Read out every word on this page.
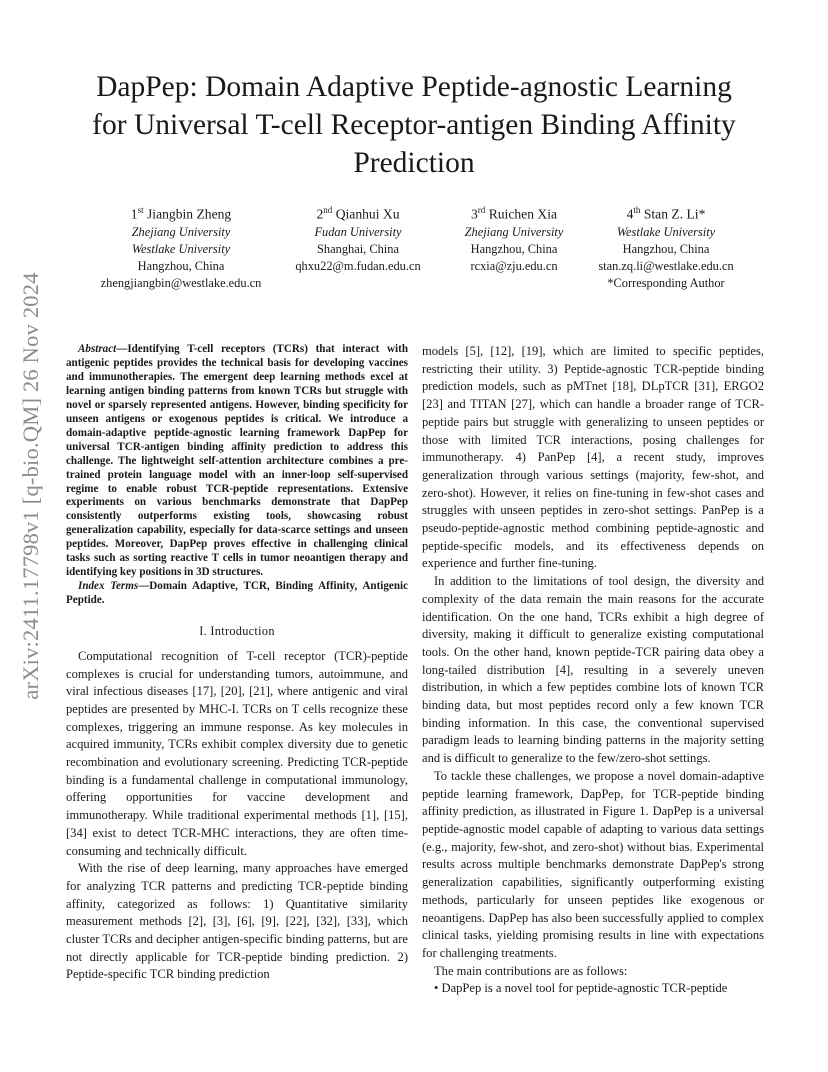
arXiv:2411.17798v1 [q-bio.QM] 26 Nov 2024
DapPep: Domain Adaptive Peptide-agnostic Learning for Universal T-cell Receptor-antigen Binding Affinity Prediction
1st Jiangbin Zheng
Zhejiang University
Westlake University
Hangzhou, China
zhengjiangbin@westlake.edu.cn
2nd Qianhui Xu
Fudan University
Shanghai, China
qhxu22@m.fudan.edu.cn
3rd Ruichen Xia
Zhejiang University
Hangzhou, China
rcxia@zju.edu.cn
4th Stan Z. Li*
Westlake University
Hangzhou, China
stan.zq.li@westlake.edu.cn
*Corresponding Author

Abstract—Identifying T-cell receptors (TCRs) that interact with antigenic peptides provides the technical basis for developing vaccines and immunotherapies. The emergent deep learning methods excel at learning antigen binding patterns from known TCRs but struggle with novel or sparsely represented antigens. However, binding specificity for unseen antigens or exogenous peptides is critical. We introduce a domain-adaptive peptide-agnostic learning framework DapPep for universal TCR-antigen binding affinity prediction to address this challenge. The lightweight self-attention architecture combines a pre-trained protein language model with an inner-loop self-supervised regime to enable robust TCR-peptide representations. Extensive experiments on various benchmarks demonstrate that DapPep consistently outperforms existing tools, showcasing robust generalization capability, especially for data-scarce settings and unseen peptides. Moreover, DapPep proves effective in challenging clinical tasks such as sorting reactive T cells in tumor neoantigen therapy and identifying key positions in 3D structures.

Index Terms—Domain Adaptive, TCR, Binding Affinity, Antigenic Peptide.

I. Introduction

Computational recognition of T-cell receptor (TCR)-peptide complexes is crucial for understanding tumors, autoimmune, and viral infectious diseases [17], [20], [21], where antigenic and viral peptides are presented by MHC-I. TCRs on T cells recognize these complexes, triggering an immune response. As key molecules in acquired immunity, TCRs exhibit complex diversity due to genetic recombination and evolutionary screening. Predicting TCR-peptide binding is a fundamental challenge in computational immunology, offering opportunities for vaccine development and immunotherapy. While traditional experimental methods [1], [15], [34] exist to detect TCR-MHC interactions, they are often time-consuming and technically difficult.

With the rise of deep learning, many approaches have emerged for analyzing TCR patterns and predicting TCR-peptide binding affinity, categorized as follows: 1) Quantitative similarity measurement methods [2], [3], [6], [9], [22], [32], [33], which cluster TCRs and decipher antigen-specific binding patterns, but are not directly applicable for TCR-peptide binding prediction. 2) Peptide-specific TCR binding prediction

models [5], [12], [19], which are limited to specific peptides, restricting their utility. 3) Peptide-agnostic TCR-peptide binding prediction models, such as pMTnet [18], DLpTCR [31], ERGO2 [23] and TITAN [27], which can handle a broader range of TCR-peptide pairs but struggle with generalizing to unseen peptides or those with limited TCR interactions, posing challenges for immunotherapy. 4) PanPep [4], a recent study, improves generalization through various settings (majority, few-shot, and zero-shot). However, it relies on fine-tuning in few-shot cases and struggles with unseen peptides in zero-shot settings. PanPep is a pseudo-peptide-agnostic method combining peptide-agnostic and peptide-specific models, and its effectiveness depends on experience and further fine-tuning.

In addition to the limitations of tool design, the diversity and complexity of the data remain the main reasons for the accurate identification. On the one hand, TCRs exhibit a high degree of diversity, making it difficult to generalize existing computational tools. On the other hand, known peptide-TCR pairing data obey a long-tailed distribution [4], resulting in a severely uneven distribution, in which a few peptides combine lots of known TCR binding data, but most peptides record only a few known TCR binding information. In this case, the conventional supervised paradigm leads to learning binding patterns in the majority setting and is difficult to generalize to the few/zero-shot settings.

To tackle these challenges, we propose a novel domain-adaptive peptide learning framework, DapPep, for TCR-peptide binding affinity prediction, as illustrated in Figure 1. DapPep is a universal peptide-agnostic model capable of adapting to various data settings (e.g., majority, few-shot, and zero-shot) without bias. Experimental results across multiple benchmarks demonstrate DapPep's strong generalization capabilities, significantly outperforming existing methods, particularly for unseen peptides like exogenous or neoantigens. DapPep has also been successfully applied to complex clinical tasks, yielding promising results in line with expectations for challenging treatments.

The main contributions are as follows:

• DapPep is a novel tool for peptide-agnostic TCR-peptide
